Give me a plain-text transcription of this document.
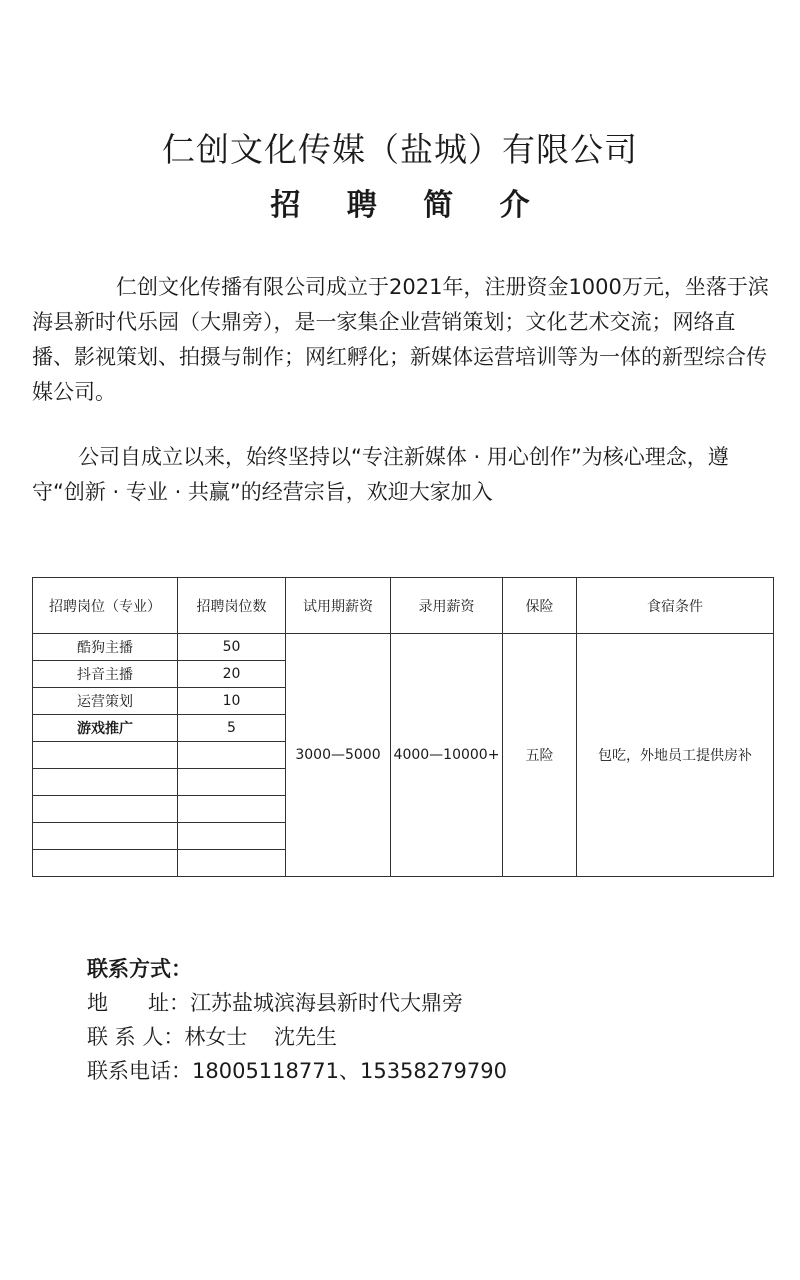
仁创文化传媒（盐城）有限公司
招 聘 简 介

仁创文化传播有限公司成立于2021年，注册资金1000万元，坐落于滨海县新时代乐园（大鼎旁），是一家集企业营销策划；文化艺术交流；网络直播、影视策划、拍摄与制作；网红孵化；新媒体运营培训等为一体的新型综合传媒公司。

公司自成立以来，始终坚持以“专注新媒体 · 用心创作”为核心理念，遵守“创新 · 专业 · 共赢”的经营宗旨，欢迎大家加入

招聘岗位（专业）	招聘岗位数	试用期薪资	录用薪资	保险	食宿条件
酷狗主播	50	3000—5000	4000—10000+	五险	包吃，外地员工提供房补
抖音主播	20				
运营策划	10				
游戏推广	5				

联系方式：
地      址：江苏盐城滨海县新时代大鼎旁
联 系 人：林女士    沈先生
联系电话：18005118771、15358279790
